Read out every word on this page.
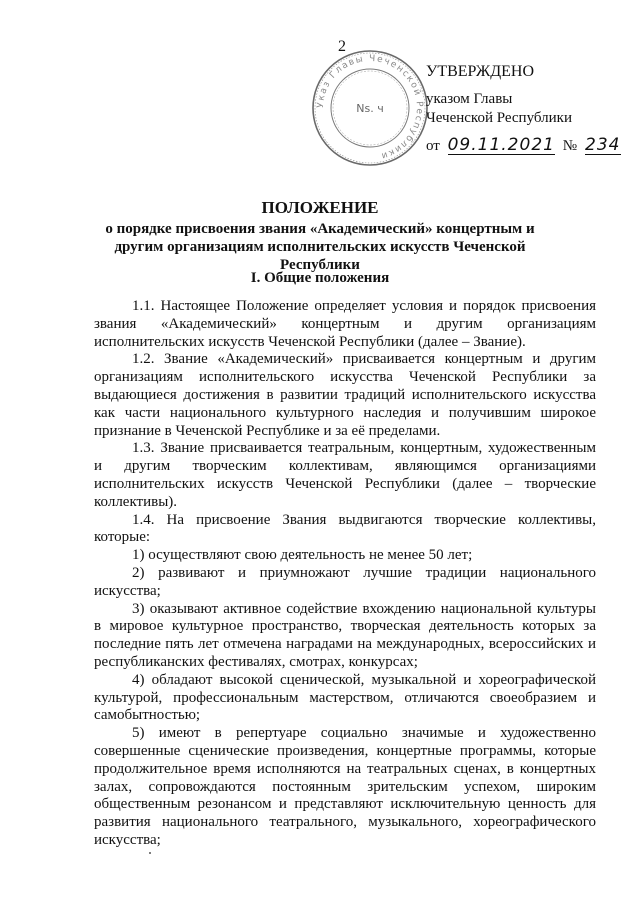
2
Указ Главы Чеченской Республики
Ns. ч
УТВЕРЖДЕНО
указом Главы
Чеченской Республики
от 09.11.2021 № 234
ПОЛОЖЕНИЕ
о порядке присвоения звания «Академический» концертным и другим организациям исполнительских искусств Чеченской Республики
I. Общие положения

1.1. Настоящее Положение определяет условия и порядок присвоения звания «Академический» концертным и другим организациям исполнительских искусств Чеченской Республики (далее – Звание).

1.2. Звание «Академический» присваивается концертным и другим организациям исполнительского искусства Чеченской Республики за выдающиеся достижения в развитии традиций исполнительского искусства как части национального культурного наследия и получившим широкое признание в Чеченской Республике и за её пределами.

1.3. Звание присваивается театральным, концертным, художественным и другим творческим коллективам, являющимся организациями исполнительских искусств Чеченской Республики (далее – творческие коллективы).

1.4. На присвоение Звания выдвигаются творческие коллективы, которые:

1) осуществляют свою деятельность не менее 50 лет;

2) развивают и приумножают лучшие традиции национального искусства;

3) оказывают активное содействие вхождению национальной культуры в мировое культурное пространство, творческая деятельность которых за последние пять лет отмечена наградами на международных, всероссийских и республиканских фестивалях, смотрах, конкурсах;

4) обладают высокой сценической, музыкальной и хореографической культурой, профессиональным мастерством, отличаются своеобразием и самобытностью;

5) имеют в репертуаре социально значимые и художественно совершенные сценические произведения, концертные программы, которые продолжительное время исполняются на театральных сценах, в концертных залах, сопровождаются постоянным зрительским успехом, широким общественным резонансом и представляют исключительную ценность для развития национального театрального, музыкального, хореографического искусства;
